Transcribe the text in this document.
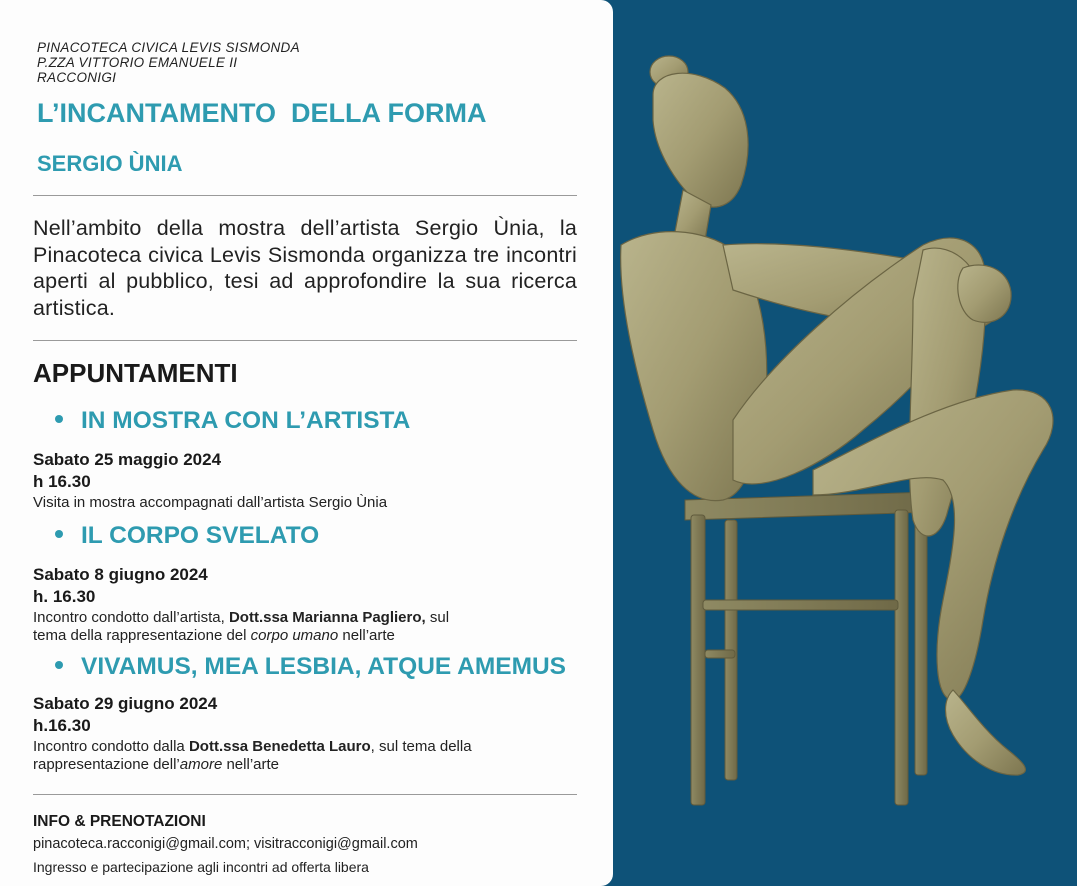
PINACOTECA CIVICA LEVIS SISMONDA
P.ZZA VITTORIO EMANUELE II
RACCONIGI
L’INCANTAMENTO  DELLA FORMA
SERGIO ÙNIA
Nell’ambito della mostra dell’artista Sergio Ùnia, la Pinacoteca civica Levis Sismonda organizza tre incontri aperti al pubblico, tesi ad approfondire la sua ricerca artistica.
APPUNTAMENTI
IN MOSTRA CON L’ARTISTA
Sabato 25 maggio 2024
h 16.30
Visita in mostra accompagnati dall’artista Sergio Ùnia
IL CORPO SVELATO
Sabato 8 giugno 2024
h. 16.30
Incontro condotto dall’artista, Dott.ssa Marianna Pagliero, sul
tema della rappresentazione del corpo umano nell’arte
VIVAMUS, MEA LESBIA, ATQUE AMEMUS
Sabato 29 giugno 2024
h.16.30
Incontro condotto dalla Dott.ssa Benedetta Lauro, sul tema della
rappresentazione dell’amore nell’arte
INFO & PRENOTAZIONI
pinacoteca.racconigi@gmail.com; visitracconigi@gmail.com
Ingresso e partecipazione agli incontri ad offerta libera
